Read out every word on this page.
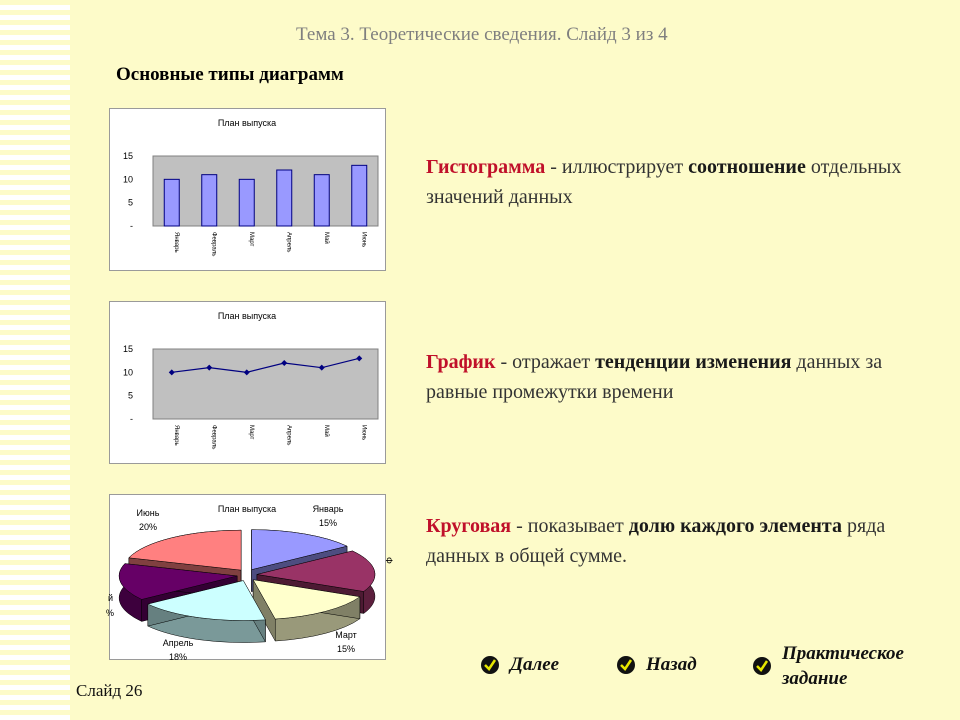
Тема 3. Теоретические сведения. Слайд 3 из 4
Основные типы диаграмм
План выпуска
-
5
10
15
Январь	Февраль	Март	Апрель	Май	Июнь
План выпуска
-
5
10
15
Январь	Февраль	Март	Апрель	Май	Июнь
План выпуска	Январь
15%
Март
15%
Апрель
18%
Июнь
20%
Ф
й
%
Гистограмма - иллюстрирует соотношение отдельных значений данных
График - отражает тенденции изменения данных за равные промежутки времени
Круговая - показывает долю каждого элемента ряда данных в общей сумме.
Далее	Назад
Практическое
задание
Слайд 26
